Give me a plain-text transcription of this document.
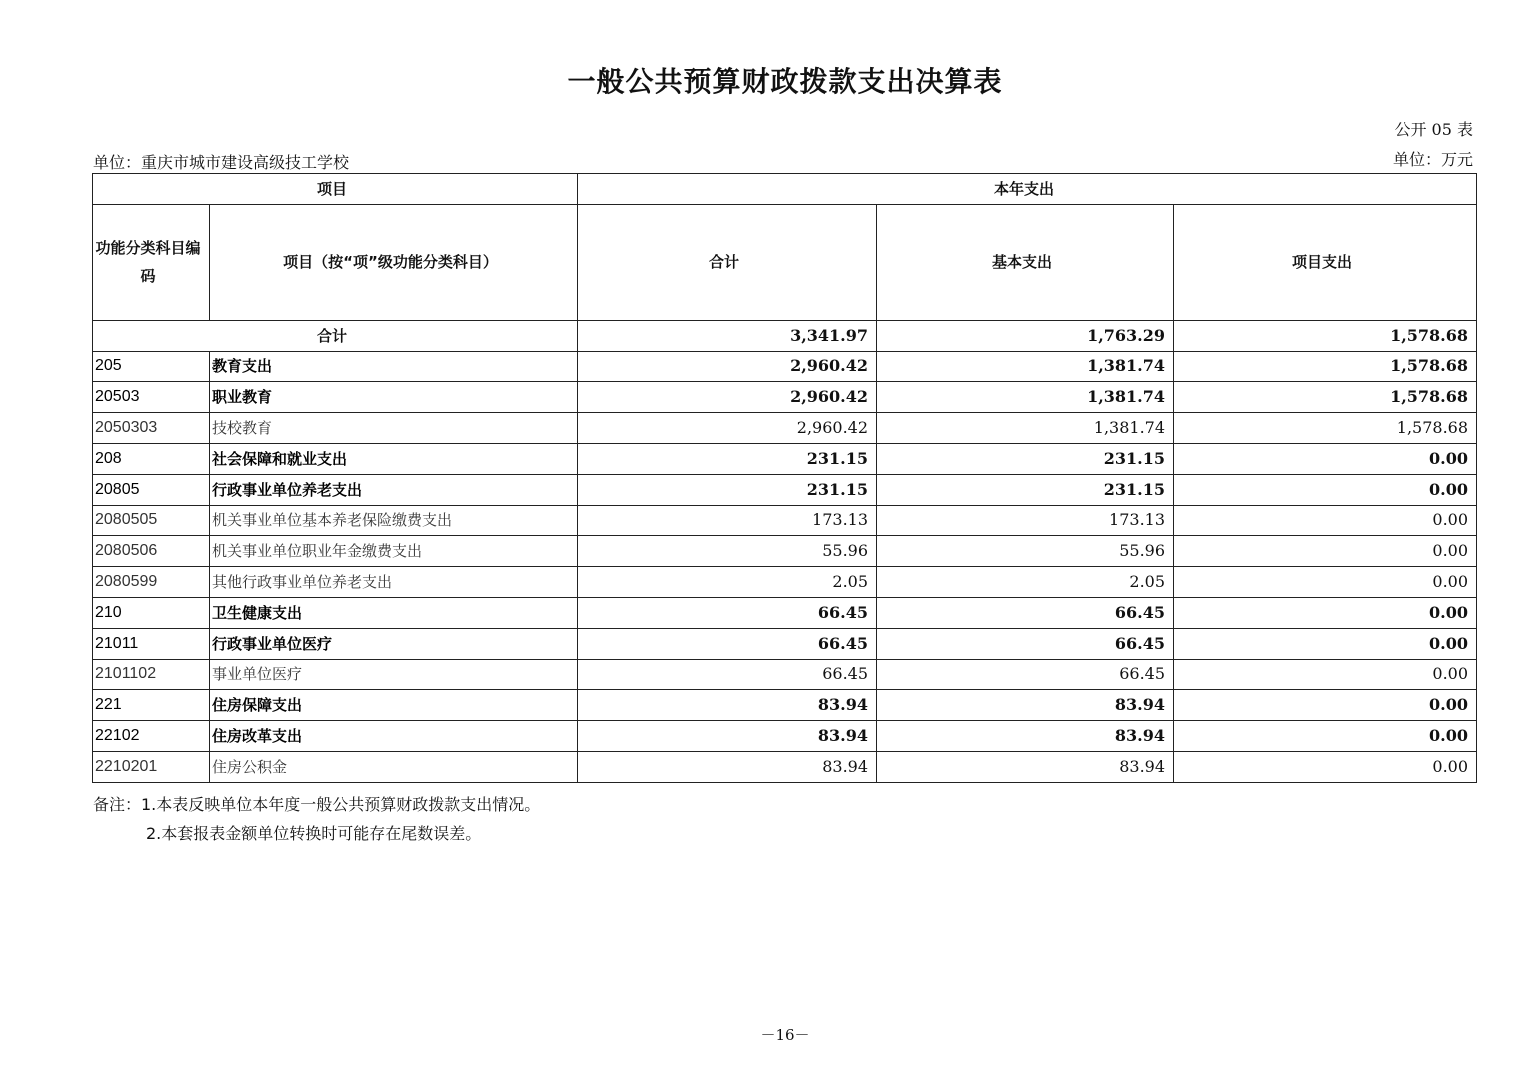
一般公共预算财政拨款支出决算表
公开 05 表
单位：重庆市城市建设高级技工学校	单位：万元
项目		本年支出		
功能分类科目编码	项目（按“项”级功能分类科目）	合计	基本支出	项目支出
合计		3,341.97	1,763.29	1,578.68
205	教育支出	2,960.42	1,381.74	1,578.68
20503	职业教育	2,960.42	1,381.74	1,578.68
2050303	技校教育	2,960.42	1,381.74	1,578.68
208	社会保障和就业支出	231.15	231.15	0.00
20805	行政事业单位养老支出	231.15	231.15	0.00
2080505	机关事业单位基本养老保险缴费支出	173.13	173.13	0.00
2080506	机关事业单位职业年金缴费支出	55.96	55.96	0.00
2080599	其他行政事业单位养老支出	2.05	2.05	0.00
210	卫生健康支出	66.45	66.45	0.00
21011	行政事业单位医疗	66.45	66.45	0.00
2101102	事业单位医疗	66.45	66.45	0.00
221	住房保障支出	83.94	83.94	0.00
22102	住房改革支出	83.94	83.94	0.00
2210201	住房公积金	83.94	83.94	0.00
备注：1.本表反映单位本年度一般公共预算财政拨款支出情况。
2.本套报表金额单位转换时可能存在尾数误差。
－16－
